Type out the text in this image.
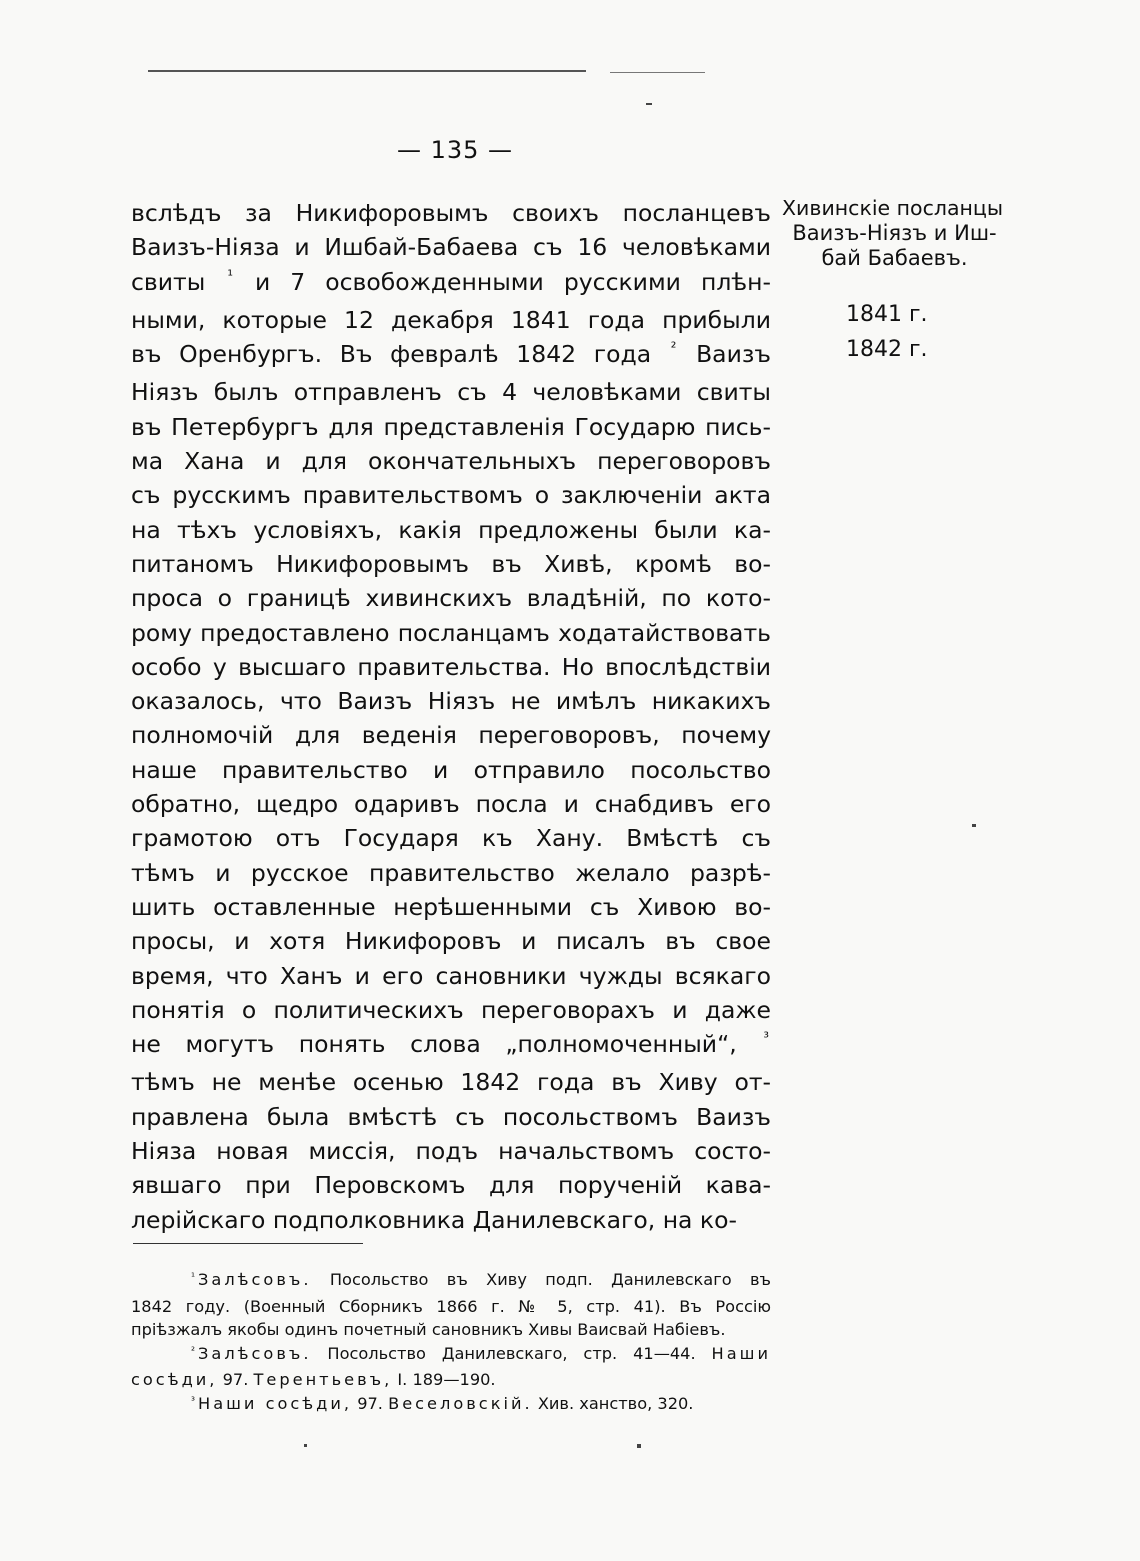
— 135 —
вслѣдъ за Никифоровымъ своихъ посланцевъ
Ваизъ-Нiяза и Ишбай-Бабаева съ 16 человѣками
свиты $^{^1}$ и 7 освобожденными русскими плѣн-
ными, которые 12 декабря 1841 года прибыли
въ Оренбургъ. Въ февралѣ 1842 года $^{^2}$ Ваизъ
Нiязъ былъ отправленъ съ 4 человѣками свиты
въ Петербургъ для представленiя Государю пись-
ма Хана и для окончательныхъ переговоровъ
съ русскимъ правительствомъ о заключенiи акта
на тѣхъ условiяхъ, какiя предложены были ка-
питаномъ Никифоровымъ въ Хивѣ, кромѣ во-
проса о границѣ хивинскихъ владѣнiй, по кото-
рому предоставлено посланцамъ ходатайствовать
особо у высшаго правительства. Но впослѣдствiи
оказалось, что Ваизъ Нiязъ не имѣлъ никакихъ
полномочiй для веденiя переговоровъ, почему
наше правительство и отправило посольство
обратно, щедро одаривъ посла и снабдивъ его
грамотою отъ Государя къ Хану. Вмѣстѣ съ
тѣмъ и русское правительство желало разрѣ-
шить оставленные нерѣшенными съ Хивою во-
просы, и хотя Никифоровъ и писалъ въ свое
время, что Ханъ и его сановники чужды всякаго
понятiя о политическихъ переговорахъ и даже
не могутъ понять слова „полномоченный“, $^{^3}$
тѣмъ не менѣе осенью 1842 года въ Хиву от-
правлена была вмѣстѣ съ посольствомъ Ваизъ
Нiяза новая миссiя, подъ начальствомъ состо-
явшаго при Перовскомъ для порученiй кава-
лерiйскаго подполковника Данилевскаго, на ко-
Хивинскiе посланцы
Ваизъ-Нiязъ и Иш-
бай Бабаевъ.
1841 г.
1842 г.
$^{^1}$ Залѣсовъ. Посольство въ Хиву подп. Данилевскаго въ
1842 году. (Военный Сборникъ 1866 г. № 5, стр. 41). Въ Россiю
прiѣзжалъ якобы одинъ почетный сановникъ Хивы Ваисвай Набiевъ.
$^{^2}$ Залѣсовъ. Посольство Данилевскаго, стр. 41—44. Наши
сосѣди, 97. Терентьевъ, I. 189—190.
$^{^3}$ Наши сосѣди, 97. Веселовскiй. Хив. ханство, 320.
